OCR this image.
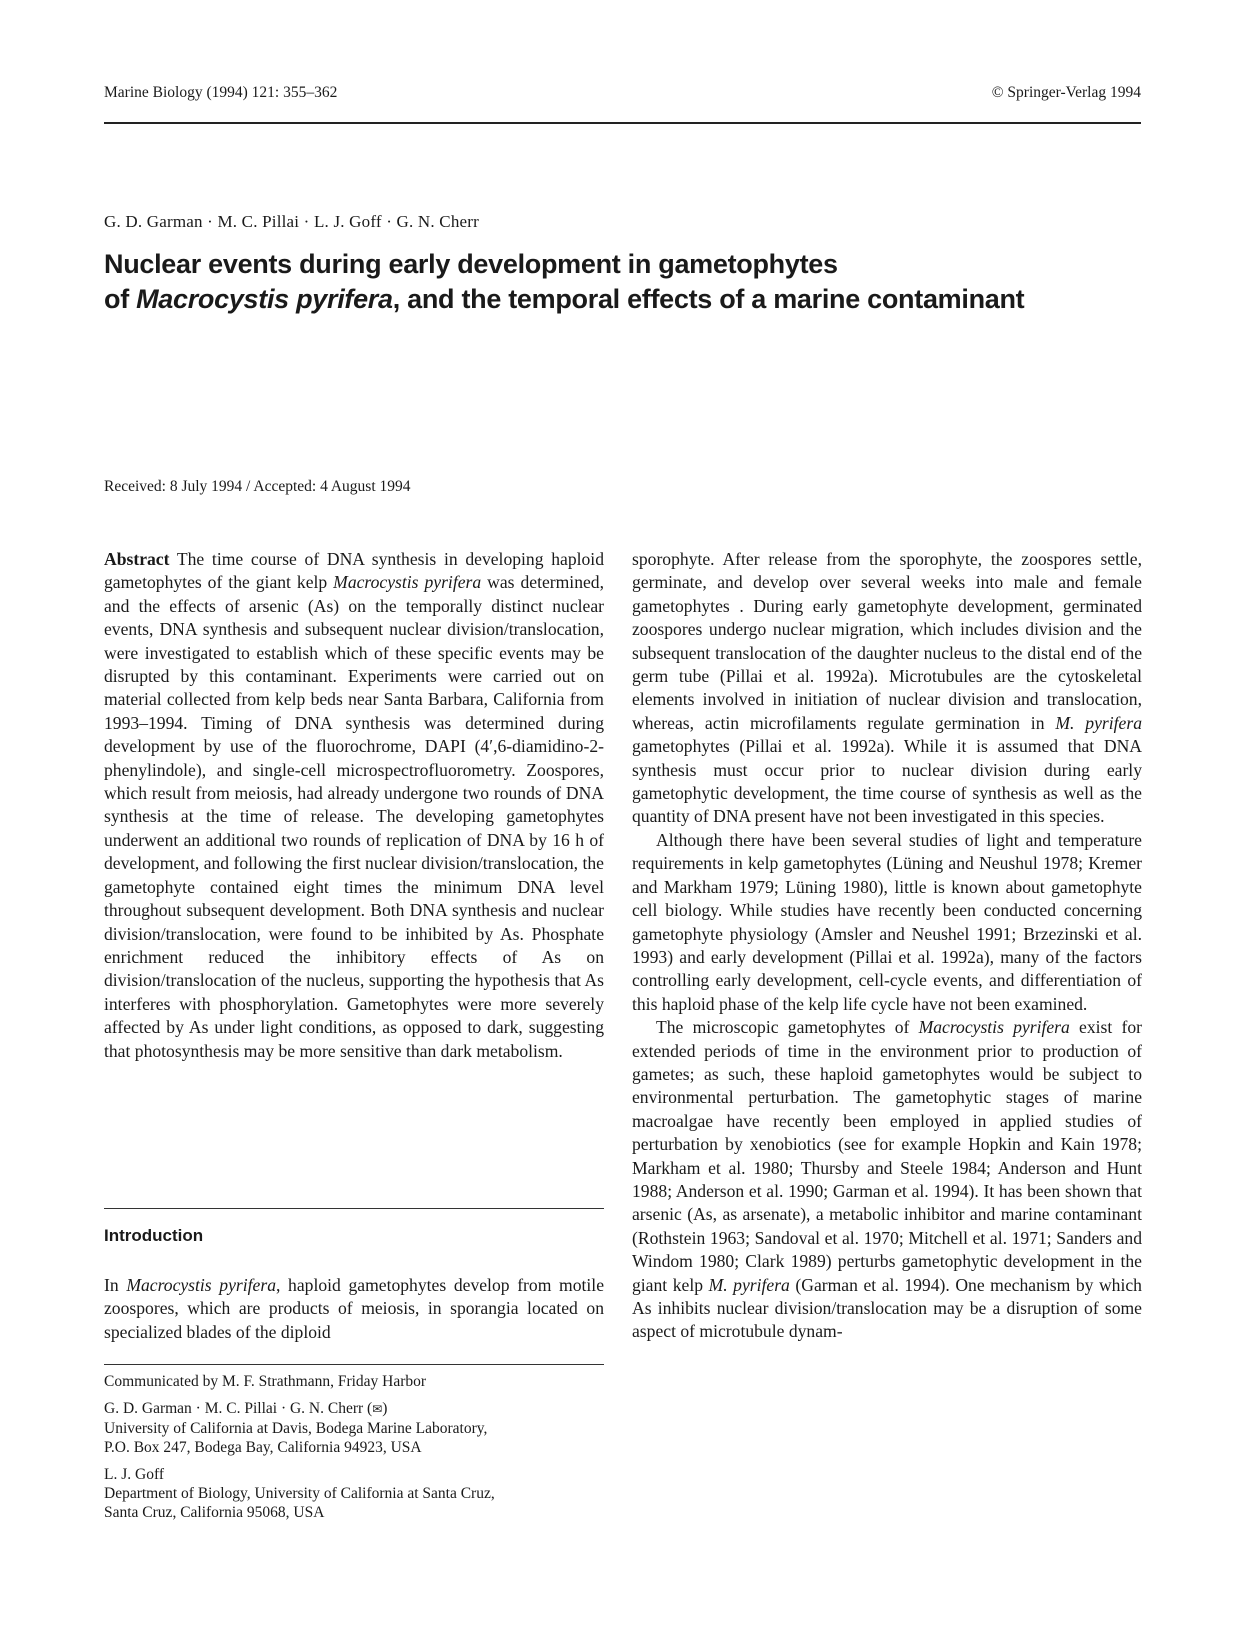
Marine Biology (1994) 121: 355–362	© Springer-Verlag 1994
G. D. Garman · M. C. Pillai · L. J. Goff · G. N. Cherr
Nuclear events during early development in gametophytes
of Macrocystis pyrifera, and the temporal effects of a marine contaminant
Received: 8 July 1994 / Accepted: 4 August 1994

Abstract The time course of DNA synthesis in developing haploid gametophytes of the giant kelp Macrocystis pyrifera was determined, and the effects of arsenic (As) on the temporally distinct nuclear events, DNA synthesis and subsequent nuclear division/translocation, were investigated to establish which of these specific events may be disrupted by this contaminant. Experiments were carried out on material collected from kelp beds near Santa Barbara, California from 1993–1994. Timing of DNA synthesis was determined during development by use of the fluorochrome, DAPI (4′,6-diamidino-2-phenylindole), and single-cell microspectrofluorometry. Zoospores, which result from meiosis, had already undergone two rounds of DNA synthesis at the time of release. The developing gametophytes underwent an additional two rounds of replication of DNA by 16 h of development, and following the first nuclear division/translocation, the gametophyte contained eight times the minimum DNA level throughout subsequent development. Both DNA synthesis and nuclear division/translocation, were found to be inhibited by As. Phosphate enrichment reduced the inhibitory effects of As on division/translocation of the nucleus, supporting the hypothesis that As interferes with phosphorylation. Gametophytes were more severely affected by As under light conditions, as opposed to dark, suggesting that photosynthesis may be more sensitive than dark metabolism.

Introduction

In Macrocystis pyrifera, haploid gametophytes develop from motile zoospores, which are products of meiosis, in sporangia located on specialized blades of the diploid

Communicated by M. F. Strathmann, Friday Harbor
G. D. Garman · M. C. Pillai · G. N. Cherr (✉)
University of California at Davis, Bodega Marine Laboratory,
P.O. Box 247, Bodega Bay, California 94923, USA
L. J. Goff
Department of Biology, University of California at Santa Cruz,
Santa Cruz, California 95068, USA

sporophyte. After release from the sporophyte, the zoospores settle, germinate, and develop over several weeks into male and female gametophytes . During early gametophyte development, germinated zoospores undergo nuclear migration, which includes division and the subsequent translocation of the daughter nucleus to the distal end of the germ tube (Pillai et al. 1992a). Microtubules are the cytoskeletal elements involved in initiation of nuclear division and translocation, whereas, actin microfilaments regulate germination in M. pyrifera gametophytes (Pillai et al. 1992a). While it is assumed that DNA synthesis must occur prior to nuclear division during early gametophytic development, the time course of synthesis as well as the quantity of DNA present have not been investigated in this species.

Although there have been several studies of light and temperature requirements in kelp gametophytes (Lüning and Neushul 1978; Kremer and Markham 1979; Lüning 1980), little is known about gametophyte cell biology. While studies have recently been conducted concerning gametophyte physiology (Amsler and Neushel 1991; Brzezinski et al. 1993) and early development (Pillai et al. 1992a), many of the factors controlling early development, cell-cycle events, and differentiation of this haploid phase of the kelp life cycle have not been examined.

The microscopic gametophytes of Macrocystis pyrifera exist for extended periods of time in the environment prior to production of gametes; as such, these haploid gametophytes would be subject to environmental perturbation. The gametophytic stages of marine macroalgae have recently been employed in applied studies of perturbation by xenobiotics (see for example Hopkin and Kain 1978; Markham et al. 1980; Thursby and Steele 1984; Anderson and Hunt 1988; Anderson et al. 1990; Garman et al. 1994). It has been shown that arsenic (As, as arsenate), a metabolic inhibitor and marine contaminant (Rothstein 1963; Sandoval et al. 1970; Mitchell et al. 1971; Sanders and Windom 1980; Clark 1989) perturbs gametophytic development in the giant kelp M. pyrifera (Garman et al. 1994). One mechanism by which As inhibits nuclear division/translocation may be a disruption of some aspect of microtubule dynam-
